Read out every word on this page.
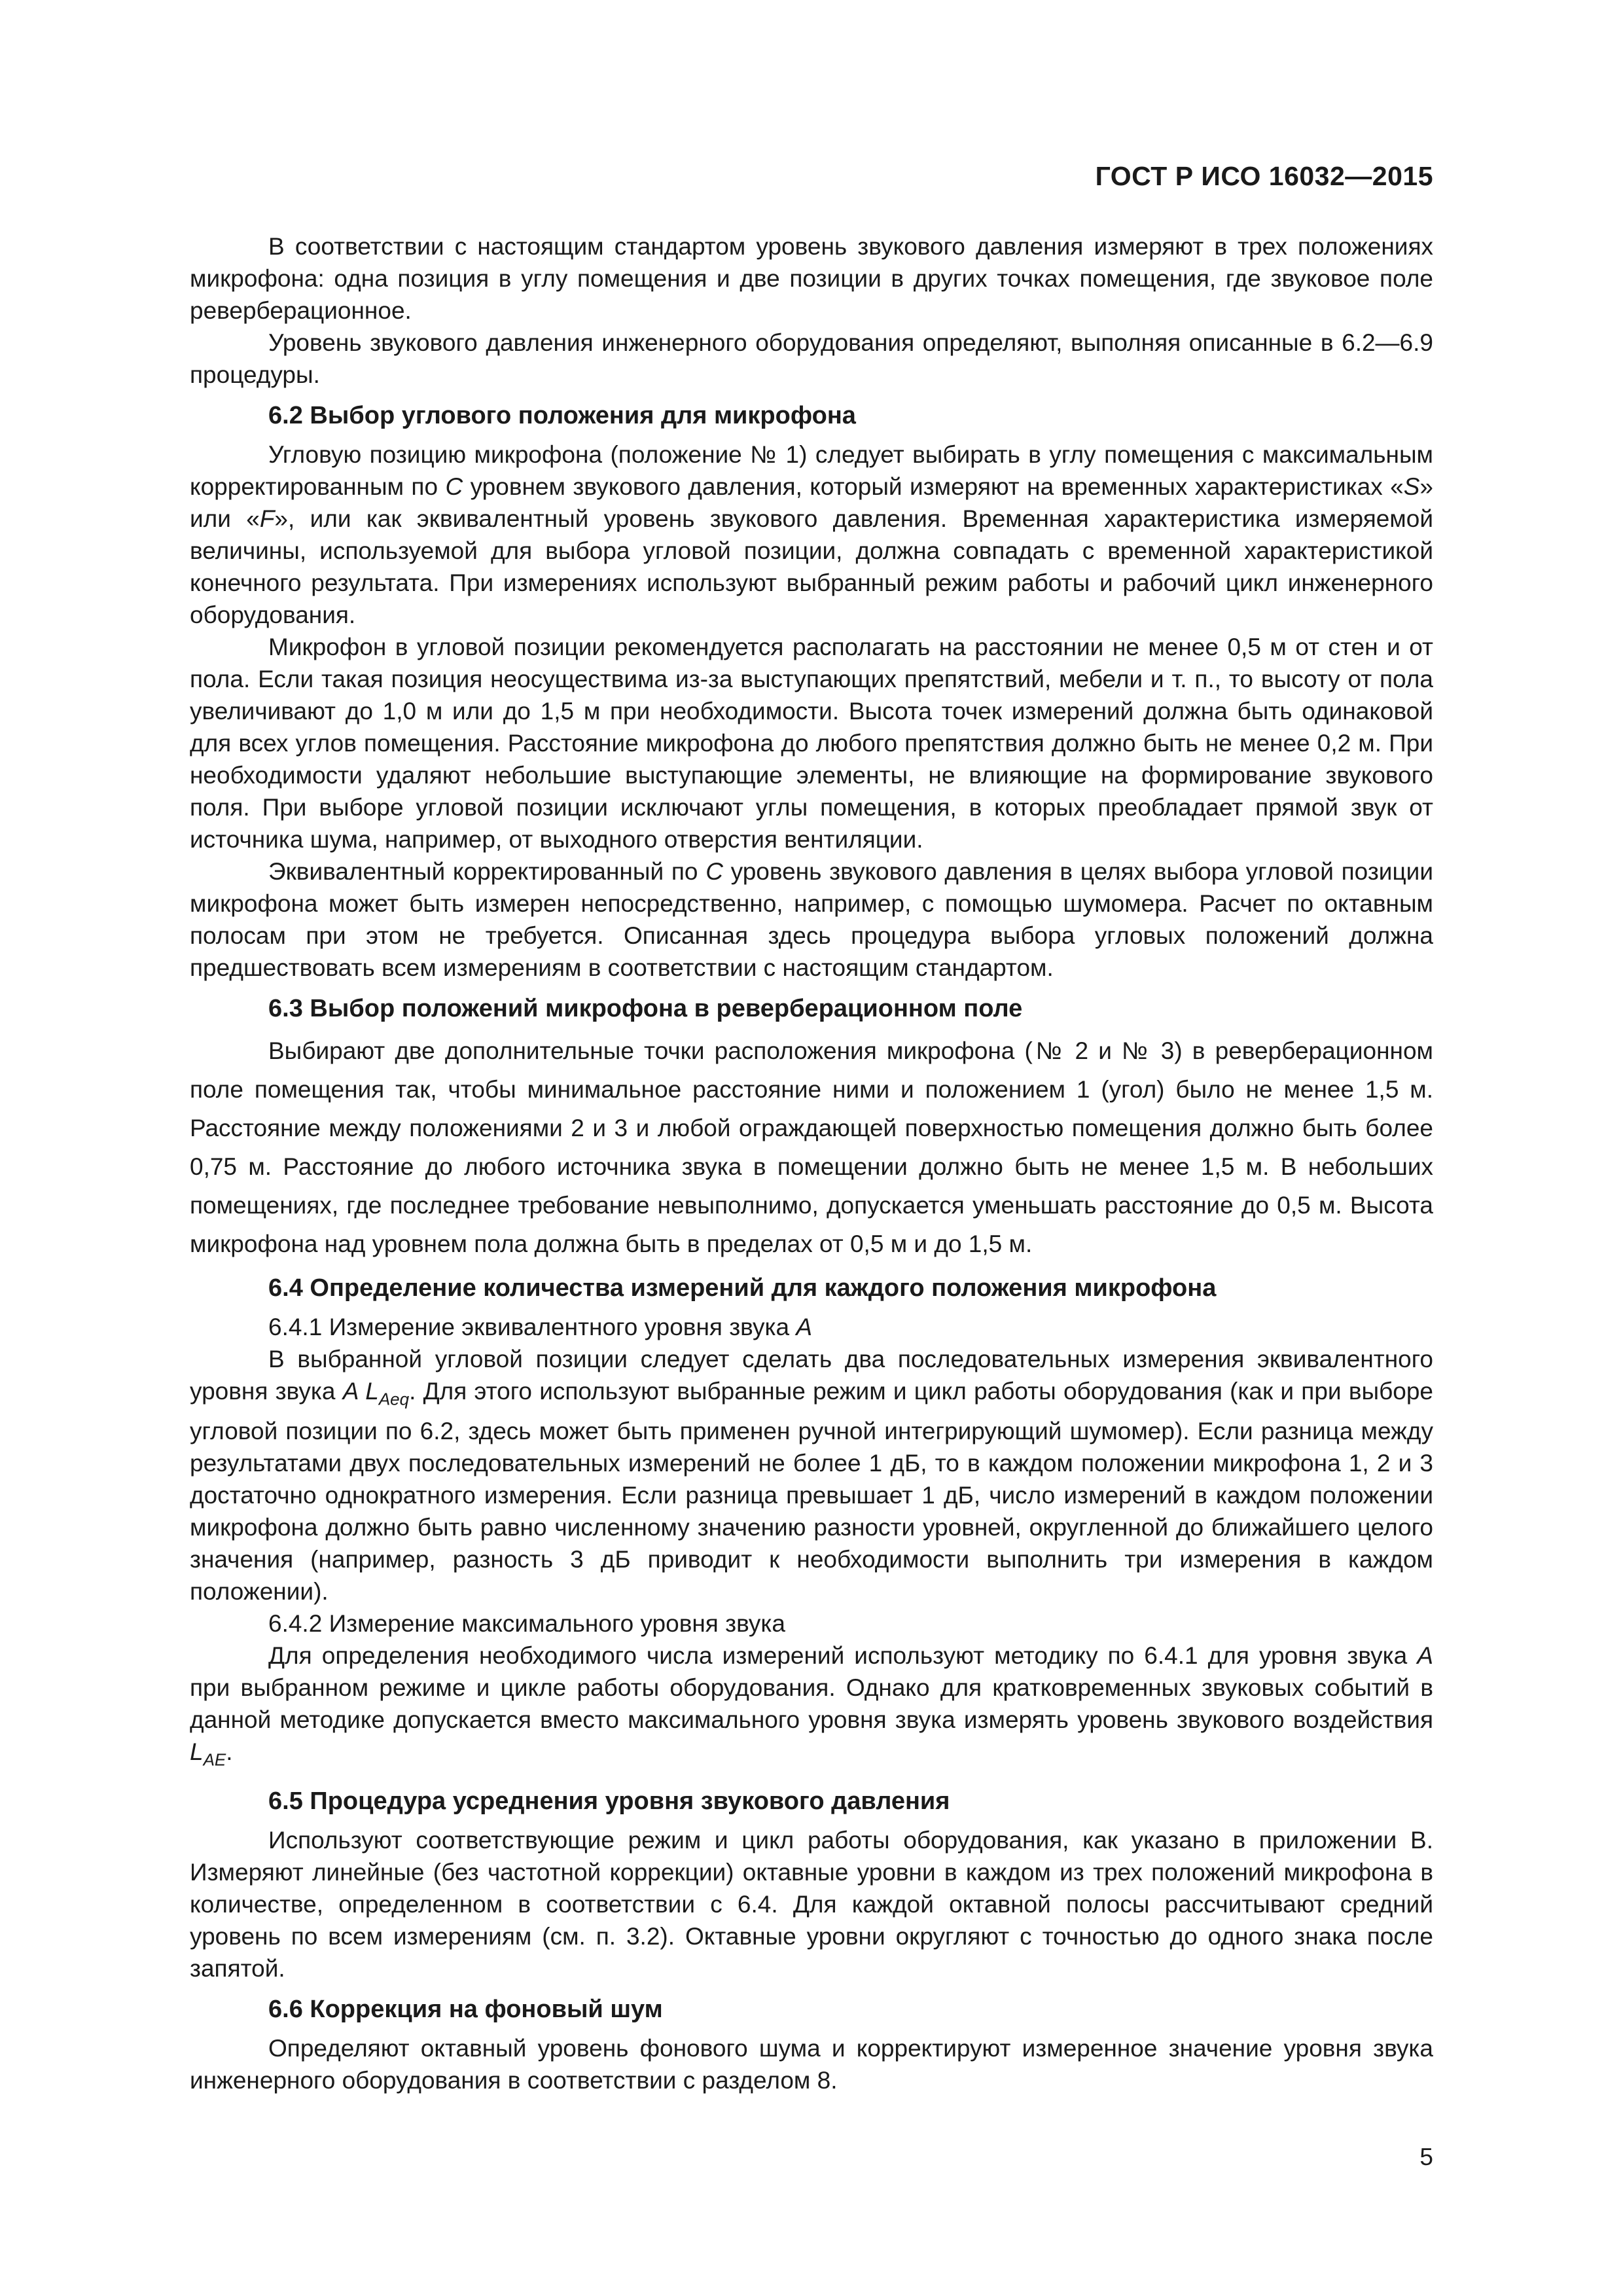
ГОСТ Р ИСО 16032—2015

В соответствии с настоящим стандартом уровень звукового давления измеряют в трех положениях микрофона: одна позиция в углу помещения и две позиции в других точках помещения, где звуковое поле реверберационное.

Уровень звукового давления инженерного оборудования определяют, выполняя описанные в 6.2—6.9 процедуры.

6.2 Выбор углового положения для микрофона

Угловую позицию микрофона (положение № 1) следует выбирать в углу помещения с максимальным корректированным по C уровнем звукового давления, который измеряют на временных характеристиках «S» или «F», или как эквивалентный уровень звукового давления. Временная характеристика измеряемой величины, используемой для выбора угловой позиции, должна совпадать с временной характеристикой конечного результата. При измерениях используют выбранный режим работы и рабочий цикл инженерного оборудования.

Микрофон в угловой позиции рекомендуется располагать на расстоянии не менее 0,5 м от стен и от пола. Если такая позиция неосуществима из-за выступающих препятствий, мебели и т. п., то высоту от пола увеличивают до 1,0 м или до 1,5 м при необходимости. Высота точек измерений должна быть одинаковой для всех углов помещения. Расстояние микрофона до любого препятствия должно быть не менее 0,2 м. При необходимости удаляют небольшие выступающие элементы, не влияющие на формирование звукового поля. При выборе угловой позиции исключают углы помещения, в которых преобладает прямой звук от источника шума, например, от выходного отверстия вентиляции.

Эквивалентный корректированный по C уровень звукового давления в целях выбора угловой позиции микрофона может быть измерен непосредственно, например, с помощью шумомера. Расчет по октавным полосам при этом не требуется. Описанная здесь процедура выбора угловых положений должна предшествовать всем измерениям в соответствии с настоящим стандартом.

6.3 Выбор положений микрофона в реверберационном поле

Выбирают две дополнительные точки расположения микрофона (№ 2 и № 3) в реверберационном поле помещения так, чтобы минимальное расстояние ними и положением 1 (угол) было не менее 1,5 м. Расстояние между положениями 2 и 3 и любой ограждающей поверхностью помещения должно быть более 0,75 м. Расстояние до любого источника звука в помещении должно быть не менее 1,5 м. В небольших помещениях, где последнее требование невыполнимо, допускается уменьшать расстояние до 0,5 м. Высота микрофона над уровнем пола должна быть в пределах от 0,5 м и до 1,5 м.

6.4 Определение количества измерений для каждого положения микрофона

6.4.1 Измерение эквивалентного уровня звука A

В выбранной угловой позиции следует сделать два последовательных измерения эквивалентного уровня звука A $L_{Aeq}$. Для этого используют выбранные режим и цикл работы оборудования (как и при выборе угловой позиции по 6.2, здесь может быть применен ручной интегрирующий шумомер). Если разница между результатами двух последовательных измерений не более 1 дБ, то в каждом положении микрофона 1, 2 и 3 достаточно однократного измерения. Если разница превышает 1 дБ, число измерений в каждом положении микрофона должно быть равно численному значению разности уровней, округленной до ближайшего целого значения (например, разность 3 дБ приводит к необходимости выполнить три измерения в каждом положении).

6.4.2 Измерение максимального уровня звука

Для определения необходимого числа измерений используют методику по 6.4.1 для уровня звука A при выбранном режиме и цикле работы оборудования. Однако для кратковременных звуковых событий в данной методике допускается вместо максимального уровня звука измерять уровень звукового воздействия $L_{AE}$.

6.5 Процедура усреднения уровня звукового давления

Используют соответствующие режим и цикл работы оборудования, как указано в приложении В. Измеряют линейные (без частотной коррекции) октавные уровни в каждом из трех положений микрофона в количестве, определенном в соответствии с 6.4. Для каждой октавной полосы рассчитывают средний уровень по всем измерениям (см. п. 3.2). Октавные уровни округляют с точностью до одного знака после запятой.

6.6 Коррекция на фоновый шум

Определяют октавный уровень фонового шума и корректируют измеренное значение уровня звука инженерного оборудования в соответствии с разделом 8.

5
